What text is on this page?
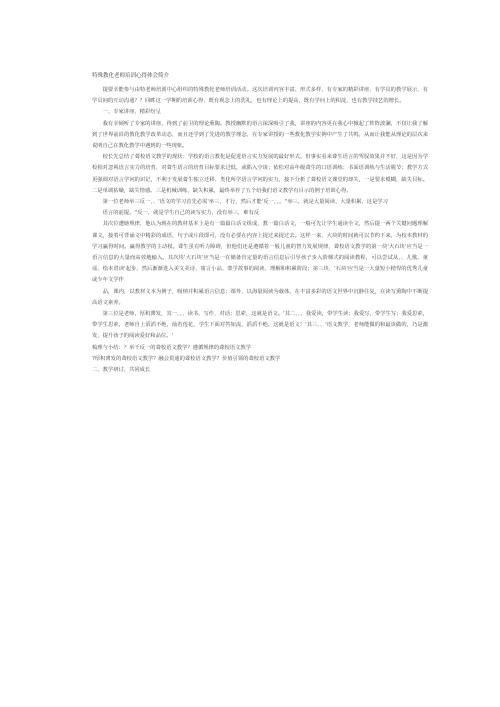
特殊教化老师培训心得体会简介

提要幸能参与由特老师培训中心组织的特殊教化老师培训活动。这次培训内容丰富、形式多样，有专家的精彩讲座，有学员的教学展示，有学员间的互动沟通？？回眸这一学期的培训心得，既有观念上的洗礼，也有理论上的提高，既有学问上的积淀，也有教学技艺的增长。

一、专家讲座，精彩纷呈

我有幸倾听了专家的讲座，得到了前卫的理论熏陶。教授幽默的语言深深吸引了我，讲座的内容更在我心中掀起了阵阵波澜，不仅让我了解到了世界前沿的教化教学改革动态，而且还学到了先进的教学理念，在专家讲授的一些教化教学实例中产生了共鸣，从而让我能从理论的层次来说明自己在教化教学中遇到的一些现象。

校长先总结了聋校语文教学的现状：学校的语言教化是促进语言实力发展的最好形式。但事实看来聋生语言的驾驭效果并不好，这是因为学校相对忽视语言实力的培育，对聋生语言的培育目标要求过低，或陷入空谈；依松对高年级聋生的口语训练：书面语训练与生活脱节；教学方式更强调对语言学问的识记，不利于发展聋生独立迁移、类化所学语言学问的实力，接下分析了聋校语文课堂的却失，一是要求模糊，缺失目标。二是单调枯燥，缺失情感。三是机械训练，缺失积累，最终举荐了五个给我们语文教学有目示的例子培训心得。

第一位老师举三反一、、'语文的学习首先必需'举三，才行，然后才能'反一，，。''举三，就是大量阅读、大量积累，这是学习

语言的前提。''反一，就是学生自己的读写实力，没有举三，难有反

其次位遭她规律，他认为现在的教材基本上是有一篇篇白话文组成，教一篇白话文，一般可先让学生通读全文，然后提一两个关键问题理解课文，接着可背诵文中精彩的成语、句子或片段即可，没有必要在内容上捉过来捉过去。这样一来，大块的时间就可以节约下来，为校本教材的学习赢得时间。赢得教学的主动权。聋生虽有听力障碍，但他们还是遵循着一般儿童的智力发展规律，聋校语文教学的第一块'大石块'应当是一语言信息的大量而高效地输入。其次块'大石块'应当是一在储备肯定量的语言信息后引导孩子步入阶梯式的阅读教程，可以尝试从、、儿歌、童谣、绘本赏读'起步，然后渐渐进入美文美诗、寓言小品、蒙学故事的阅读、理解和积累阶段；第三块、'石块'应当是一大量短小精悍的优秀儿童或少年文学作

品，课内，以教材文本为例子，吸纳并积累语言信息；课外，以海量阅读为载体，在丰富多彩的语文世界中沉静往复，在读写熏陶中不断提高语文素养。

第三位是老师，厚积薄发，其一、、、读书，写作，对话；思索，这就是语文。'其二、、、我爱读，带学生读；我爱写，带学生写；我爱思索，带学生思索，老师自上滔滔不绝，灿若莲花，学生下面对答如流，滔滔不绝，这就是语文！'其三、、'语文教学，老师能做的和最该做的，乃是激发、提升孩子的阅读爱好和品位。'

梳理与小结：？举千反一的聋校语文教学？遵循规律的聋校语文教学

?厚积薄发的聋校语文教学？融会贯通的聋校语文教学？价值引领的聋校语文教学

二、教学研讨，共同成长
